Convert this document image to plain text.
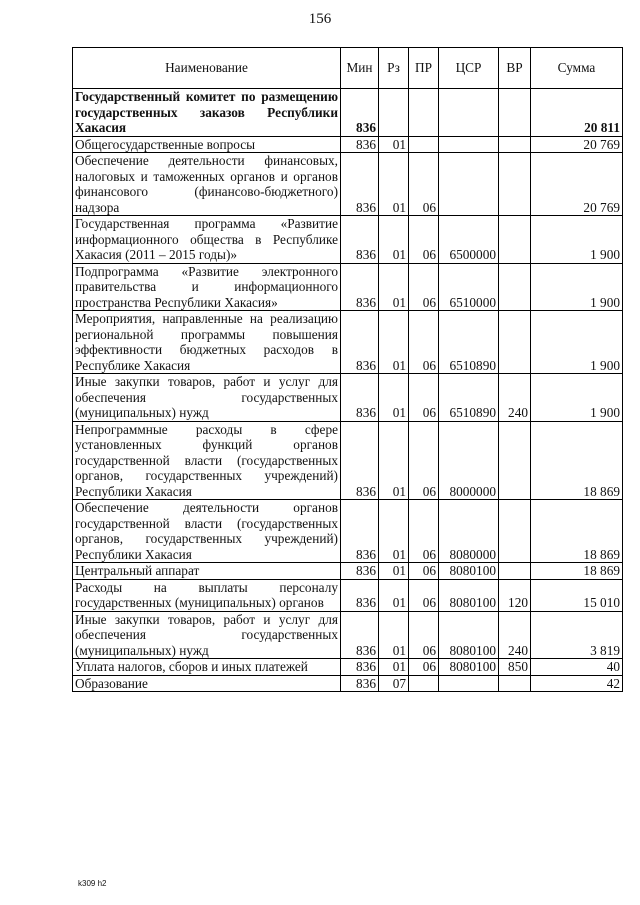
156
Наименование	Мин	Рз	ПР	ЦСР	ВР	Сумма
Государственный комитет по размещению государственных заказов Республики Хакасия	836					20 811
Общегосударственные вопросы	836	01				20 769
Обеспечение деятельности финансовых, налоговых и таможенных органов и органов финансового (финансово-бюджетного) надзора	836	01	06			20 769
Государственная программа «Развитие информационного общества в Республике Хакасия (2011 – 2015 годы)»	836	01	06	6500000		1 900
Подпрограмма «Развитие электронного правительства и информационного пространства Республики Хакасия»	836	01	06	6510000		1 900
Мероприятия, направленные на реализацию региональной программы повышения эффективности бюджетных расходов в Республике Хакасия	836	01	06	6510890		1 900
Иные закупки товаров, работ и услуг для обеспечения государственных (муниципальных) нужд	836	01	06	6510890	240	1 900
Непрограммные расходы в сфере установленных функций органов государственной власти (государственных органов, государственных учреждений) Республики Хакасия	836	01	06	8000000		18 869
Обеспечение деятельности органов государственной власти (государственных органов, государственных учреждений) Республики Хакасия	836	01	06	8080000		18 869
Центральный аппарат	836	01	06	8080100		18 869
Расходы на выплаты персоналу государственных (муниципальных) органов	836	01	06	8080100	120	15 010
Иные закупки товаров, работ и услуг для обеспечения государственных (муниципальных) нужд	836	01	06	8080100	240	3 819
Уплата налогов, сборов и иных платежей	836	01	06	8080100	850	40
Образование	836	07				42
k309 h2
